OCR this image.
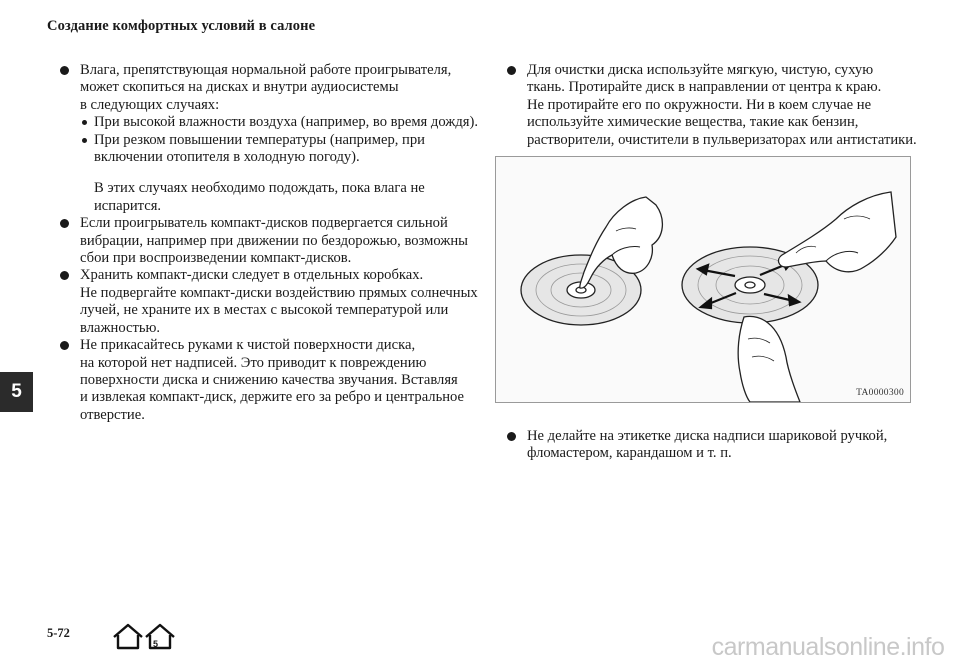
Создание комфортных условий в салоне
Влага, препятствующая нормальной работе проигрывателя,
может скопиться на дисках и внутри аудиосистемы
в следующих случаях:
При высокой влажности воздуха (например, во время дождя).
При резком повышении температуры (например, при
включении отопителя в холодную погоду).
В этих случаях необходимо подождать, пока влага не
испарится.
Если проигрыватель компакт-дисков подвергается сильной
вибрации, например при движении по бездорожью, возможны
сбои при воспроизведении компакт-дисков.
Хранить компакт-диски следует в отдельных коробках.
Не подвергайте компакт-диски воздействию прямых солнечных
лучей, не храните их в местах с высокой температурой или
влажностью.
Не прикасайтесь руками к чистой поверхности диска,
на которой нет надписей. Это приводит к повреждению
поверхности диска и снижению качества звучания. Вставляя
и извлекая компакт-диск, держите его за ребро и центральное
отверстие.
Для очистки диска используйте мягкую, чистую, сухую
ткань. Протирайте диск в направлении от центра к краю.
Не протирайте его по окружности. Ни в коем случае не
используйте химические вещества, такие как бензин,
растворители, очистители в пульверизаторах или антистатики.
TA0000300
Не делайте на этикетке диска надписи шариковой ручкой,
фломастером, карандашом и т. п.
5
5-72
5	carmanualsonline.info
